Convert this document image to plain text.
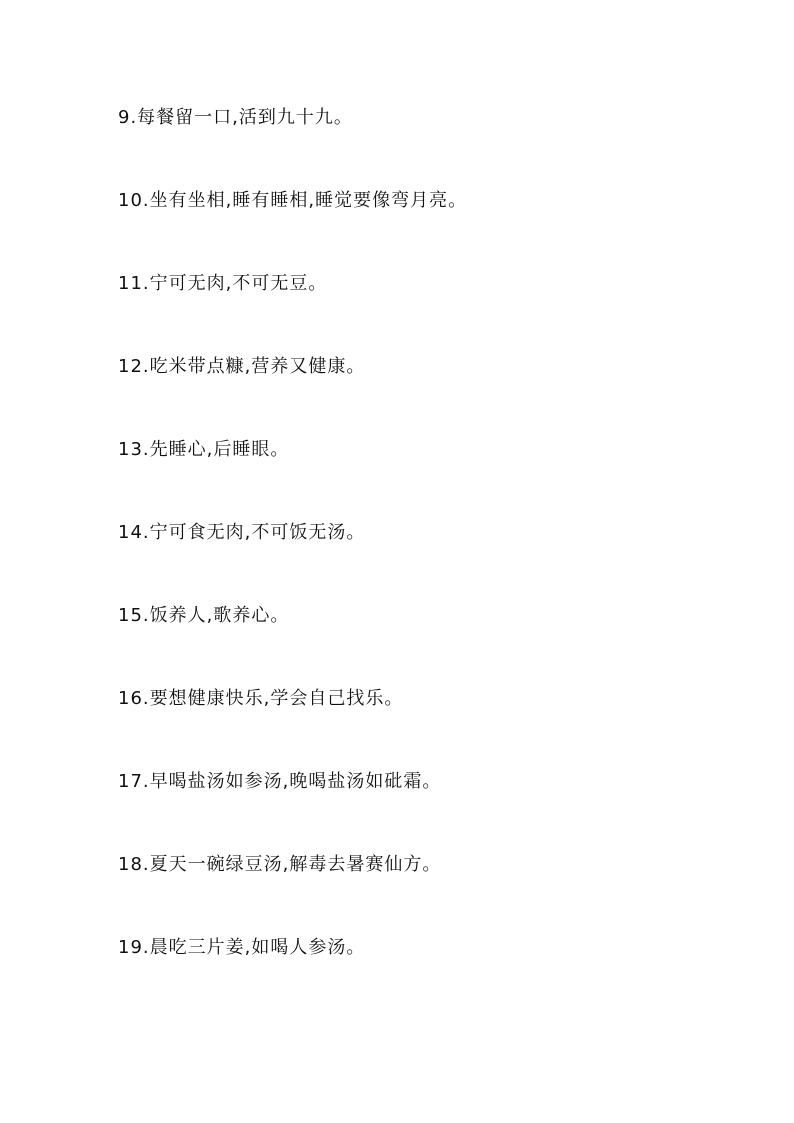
9.每餐留一口,活到九十九。
10.坐有坐相,睡有睡相,睡觉要像弯月亮。
11.宁可无肉,不可无豆。
12.吃米带点糠,营养又健康。
13.先睡心,后睡眼。
14.宁可食无肉,不可饭无汤。
15.饭养人,歌养心。
16.要想健康快乐,学会自己找乐。
17.早喝盐汤如参汤,晚喝盐汤如砒霜。
18.夏天一碗绿豆汤,解毒去暑赛仙方。
19.晨吃三片姜,如喝人参汤。
